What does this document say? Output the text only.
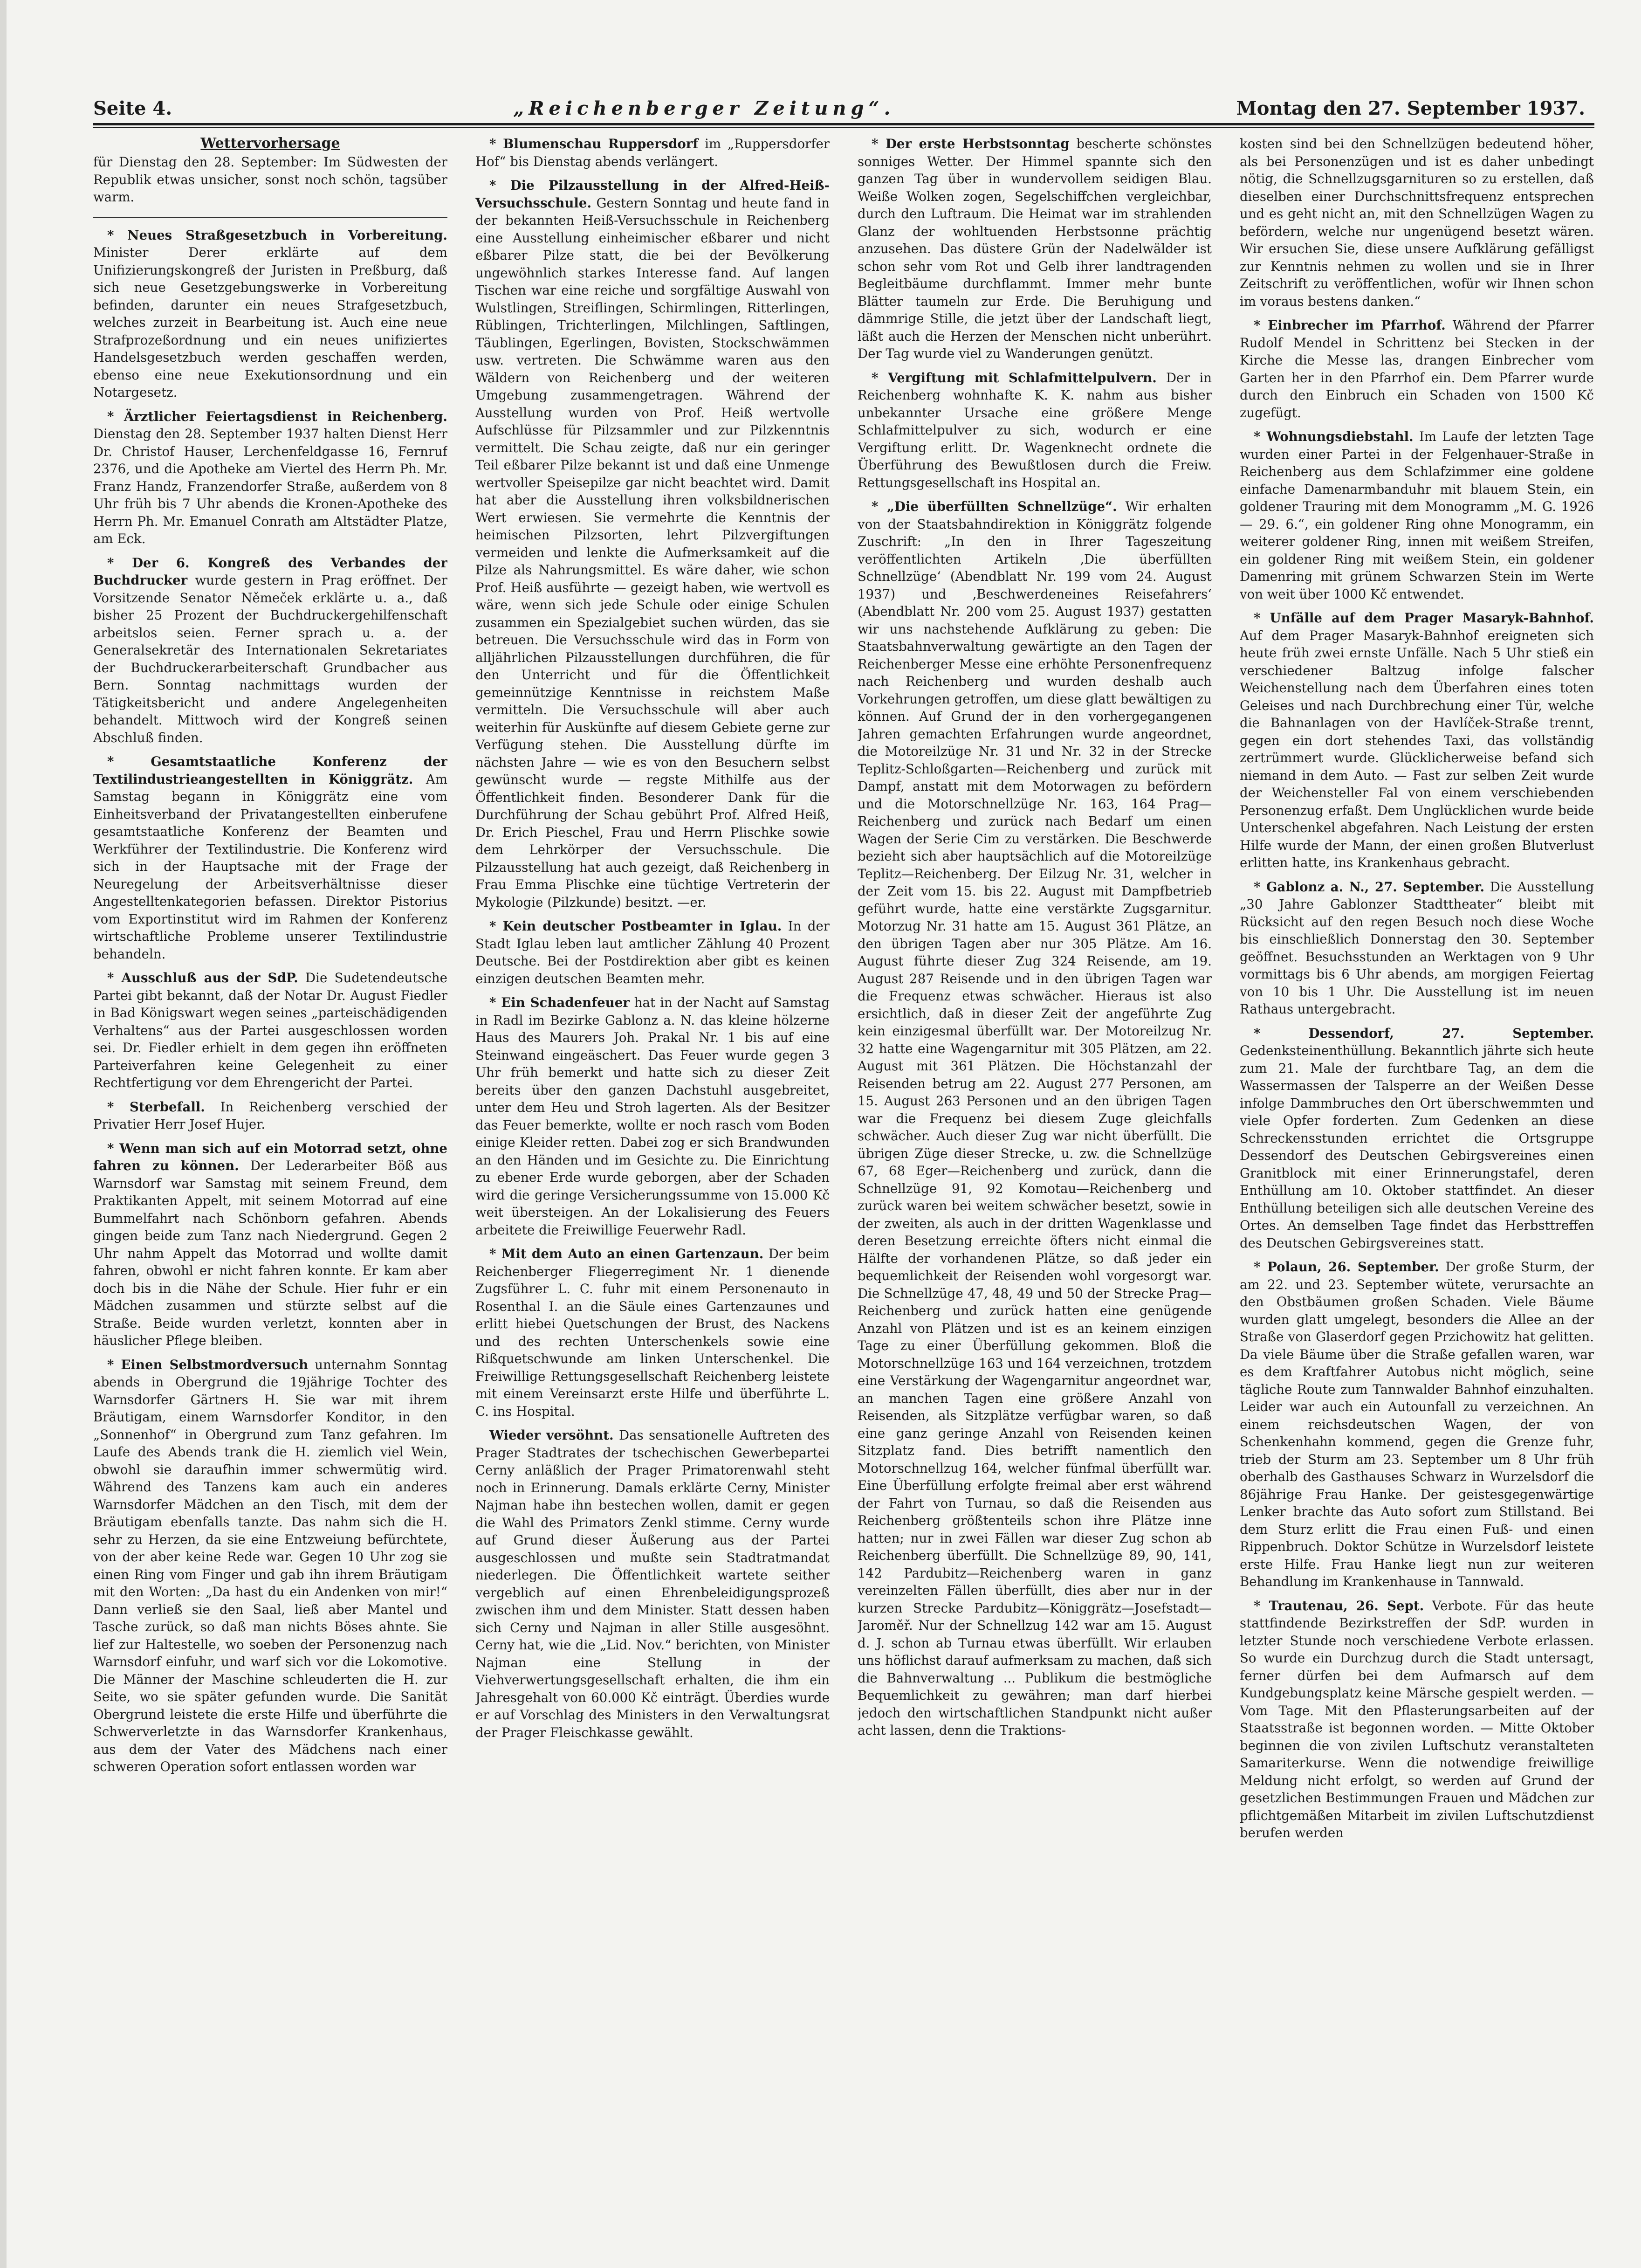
Seite 4.	„Reichenberger Zeitung“.	Montag den 27. September 1937.
Wettervorhersage
für Dienstag den 28. September: Im Südwesten der Republik etwas unsicher, sonst noch schön, tagsüber warm.

* Neues Straßgesetzbuch in Vorbereitung. Minister Derer erklärte auf dem Unifizierungskongreß der Juristen in Preßburg, daß sich neue Gesetzgebungswerke in Vorbereitung befinden, darunter ein neues Strafgesetzbuch, welches zurzeit in Bearbeitung ist. Auch eine neue Strafprozeßordnung und ein neues unifiziertes Handelsgesetzbuch werden geschaffen werden, ebenso eine neue Exekutionsordnung und ein Notargesetz.

* Ärztlicher Feiertagsdienst in Reichenberg. Dienstag den 28. September 1937 halten Dienst Herr Dr. Christof Hauser, Lerchenfeldgasse 16, Fernruf 2376, und die Apotheke am Viertel des Herrn Ph. Mr. Franz Handz, Franzendorfer Straße, außerdem von 8 Uhr früh bis 7 Uhr abends die Kronen-Apotheke des Herrn Ph. Mr. Emanuel Conrath am Altstädter Platze, am Eck.

* Der 6. Kongreß des Verbandes der Buchdrucker wurde gestern in Prag eröffnet. Der Vorsitzende Senator Němeček erklärte u. a., daß bisher 25 Prozent der Buchdruckergehilfenschaft arbeitslos seien. Ferner sprach u. a. der Generalsekretär des Internationalen Sekretariates der Buchdruckerarbeiterschaft Grundbacher aus Bern. Sonntag nachmittags wurden der Tätigkeitsbericht und andere Angelegenheiten behandelt. Mittwoch wird der Kongreß seinen Abschluß finden.

* Gesamtstaatliche Konferenz der Textilindustrieangestellten in Königgrätz. Am Samstag begann in Königgrätz eine vom Einheitsverband der Privatangestellten einberufene gesamtstaatliche Konferenz der Beamten und Werkführer der Textilindustrie. Die Konferenz wird sich in der Hauptsache mit der Frage der Neuregelung der Arbeitsverhältnisse dieser Angestelltenkategorien befassen. Direktor Pistorius vom Exportinstitut wird im Rahmen der Konferenz wirtschaftliche Probleme unserer Textilindustrie behandeln.

* Ausschluß aus der SdP. Die Sudetendeutsche Partei gibt bekannt, daß der Notar Dr. August Fiedler in Bad Königswart wegen seines „parteischädigenden Verhaltens“ aus der Partei ausgeschlossen worden sei. Dr. Fiedler erhielt in dem gegen ihn eröffneten Parteiverfahren keine Gelegenheit zu einer Rechtfertigung vor dem Ehrengericht der Partei.

* Sterbefall. In Reichenberg verschied der Privatier Herr Josef Hujer.

* Wenn man sich auf ein Motorrad setzt, ohne fahren zu können. Der Lederarbeiter Böß aus Warnsdorf war Samstag mit seinem Freund, dem Praktikanten Appelt, mit seinem Motorrad auf eine Bummelfahrt nach Schönborn gefahren. Abends gingen beide zum Tanz nach Niedergrund. Gegen 2 Uhr nahm Appelt das Motorrad und wollte damit fahren, obwohl er nicht fahren konnte. Er kam aber doch bis in die Nähe der Schule. Hier fuhr er ein Mädchen zusammen und stürzte selbst auf die Straße. Beide wurden verletzt, konnten aber in häuslicher Pflege bleiben.

* Einen Selbstmordversuch unternahm Sonntag abends in Obergrund die 19jährige Tochter des Warnsdorfer Gärtners H. Sie war mit ihrem Bräutigam, einem Warnsdorfer Konditor, in den „Sonnenhof“ in Obergrund zum Tanz gefahren. Im Laufe des Abends trank die H. ziemlich viel Wein, obwohl sie daraufhin immer schwermütig wird. Während des Tanzens kam auch ein anderes Warnsdorfer Mädchen an den Tisch, mit dem der Bräutigam ebenfalls tanzte. Das nahm sich die H. sehr zu Herzen, da sie eine Entzweiung befürchtete, von der aber keine Rede war. Gegen 10 Uhr zog sie einen Ring vom Finger und gab ihn ihrem Bräutigam mit den Worten: „Da hast du ein Andenken von mir!“ Dann verließ sie den Saal, ließ aber Mantel und Tasche zurück, so daß man nichts Böses ahnte. Sie lief zur Haltestelle, wo soeben der Personenzug nach Warnsdorf einfuhr, und warf sich vor die Lokomotive. Die Männer der Maschine schleuderten die H. zur Seite, wo sie später gefunden wurde. Die Sanität Obergrund leistete die erste Hilfe und überführte die Schwerverletzte in das Warnsdorfer Krankenhaus, aus dem der Vater des Mädchens nach einer schweren Operation sofort entlassen worden war

* Blumenschau Ruppersdorf im „Ruppersdorfer Hof“ bis Dienstag abends verlängert.

* Die Pilzausstellung in der Alfred-Heiß-Versuchsschule. Gestern Sonntag und heute fand in der bekannten Heiß-Versuchsschule in Reichenberg eine Ausstellung einheimischer eßbarer und nicht eßbarer Pilze statt, die bei der Bevölkerung ungewöhnlich starkes Interesse fand. Auf langen Tischen war eine reiche und sorgfältige Auswahl von Wulstlingen, Streiflingen, Schirmlingen, Ritterlingen, Rüblingen, Trichterlingen, Milchlingen, Saftlingen, Täublingen, Egerlingen, Bovisten, Stockschwämmen usw. vertreten. Die Schwämme waren aus den Wäldern von Reichenberg und der weiteren Umgebung zusammengetragen. Während der Ausstellung wurden von Prof. Heiß wertvolle Aufschlüsse für Pilzsammler und zur Pilzkenntnis vermittelt. Die Schau zeigte, daß nur ein geringer Teil eßbarer Pilze bekannt ist und daß eine Unmenge wertvoller Speisepilze gar nicht beachtet wird. Damit hat aber die Ausstellung ihren volksbildnerischen Wert erwiesen. Sie vermehrte die Kenntnis der heimischen Pilzsorten, lehrt Pilzvergiftungen vermeiden und lenkte die Aufmerksamkeit auf die Pilze als Nahrungsmittel. Es wäre daher, wie schon Prof. Heiß ausführte — gezeigt haben, wie wertvoll es wäre, wenn sich jede Schule oder einige Schulen zusammen ein Spezialgebiet suchen würden, das sie betreuen. Die Versuchsschule wird das in Form von alljährlichen Pilzausstellungen durchführen, die für den Unterricht und für die Öffentlichkeit gemeinnützige Kenntnisse in reichstem Maße vermitteln. Die Versuchsschule will aber auch weiterhin für Auskünfte auf diesem Gebiete gerne zur Verfügung stehen. Die Ausstellung dürfte im nächsten Jahre — wie es von den Besuchern selbst gewünscht wurde — regste Mithilfe aus der Öffentlichkeit finden. Besonderer Dank für die Durchführung der Schau gebührt Prof. Alfred Heiß, Dr. Erich Pieschel, Frau und Herrn Plischke sowie dem Lehrkörper der Versuchsschule. Die Pilzausstellung hat auch gezeigt, daß Reichenberg in Frau Emma Plischke eine tüchtige Vertreterin der Mykologie (Pilzkunde) besitzt. —er.

* Kein deutscher Postbeamter in Iglau. In der Stadt Iglau leben laut amtlicher Zählung 40 Prozent Deutsche. Bei der Postdirektion aber gibt es keinen einzigen deutschen Beamten mehr.

* Ein Schadenfeuer hat in der Nacht auf Samstag in Radl im Bezirke Gablonz a. N. das kleine hölzerne Haus des Maurers Joh. Prakal Nr. 1 bis auf eine Steinwand eingeäschert. Das Feuer wurde gegen 3 Uhr früh bemerkt und hatte sich zu dieser Zeit bereits über den ganzen Dachstuhl ausgebreitet, unter dem Heu und Stroh lagerten. Als der Besitzer das Feuer bemerkte, wollte er noch rasch vom Boden einige Kleider retten. Dabei zog er sich Brandwunden an den Händen und im Gesichte zu. Die Einrichtung zu ebener Erde wurde geborgen, aber der Schaden wird die geringe Versicherungssumme von 15.000 Kč weit übersteigen. An der Lokalisierung des Feuers arbeitete die Freiwillige Feuerwehr Radl.

* Mit dem Auto an einen Gartenzaun. Der beim Reichenberger Fliegerregiment Nr. 1 dienende Zugsführer L. C. fuhr mit einem Personenauto in Rosenthal I. an die Säule eines Gartenzaunes und erlitt hiebei Quetschungen der Brust, des Nackens und des rechten Unterschenkels sowie eine Rißquetschwunde am linken Unterschenkel. Die Freiwillige Rettungsgesellschaft Reichenberg leistete mit einem Vereinsarzt erste Hilfe und überführte L. C. ins Hospital.

Wieder versöhnt. Das sensationelle Auftreten des Prager Stadtrates der tschechischen Gewerbepartei Cerny anläßlich der Prager Primatorenwahl steht noch in Erinnerung. Damals erklärte Cerny, Minister Najman habe ihn bestechen wollen, damit er gegen die Wahl des Primators Zenkl stimme. Cerny wurde auf Grund dieser Äußerung aus der Partei ausgeschlossen und mußte sein Stadtratmandat niederlegen. Die Öffentlichkeit wartete seither vergeblich auf einen Ehrenbeleidigungsprozeß zwischen ihm und dem Minister. Statt dessen haben sich Cerny und Najman in aller Stille ausgesöhnt. Cerny hat, wie die „Lid. Nov.“ berichten, von Minister Najman eine Stellung in der Viehverwertungsgesellschaft erhalten, die ihm ein Jahresgehalt von 60.000 Kč einträgt. Überdies wurde er auf Vorschlag des Ministers in den Verwaltungsrat der Prager Fleischkasse gewählt.

* Der erste Herbstsonntag bescherte schönstes sonniges Wetter. Der Himmel spannte sich den ganzen Tag über in wundervollem seidigen Blau. Weiße Wolken zogen, Segelschiffchen vergleichbar, durch den Luftraum. Die Heimat war im strahlenden Glanz der wohltuenden Herbstsonne prächtig anzusehen. Das düstere Grün der Nadelwälder ist schon sehr vom Rot und Gelb ihrer landtragenden Begleitbäume durchflammt. Immer mehr bunte Blätter taumeln zur Erde. Die Beruhigung und dämmrige Stille, die jetzt über der Landschaft liegt, läßt auch die Herzen der Menschen nicht unberührt. Der Tag wurde viel zu Wanderungen genützt.

* Vergiftung mit Schlafmittelpulvern. Der in Reichenberg wohnhafte K. K. nahm aus bisher unbekannter Ursache eine größere Menge Schlafmittelpulver zu sich, wodurch er eine Vergiftung erlitt. Dr. Wagenknecht ordnete die Überführung des Bewußtlosen durch die Freiw. Rettungsgesellschaft ins Hospital an.

* „Die überfüllten Schnellzüge“. Wir erhalten von der Staatsbahndirektion in Königgrätz folgende Zuschrift: „In den in Ihrer Tageszeitung veröffentlichten Artikeln ‚Die überfüllten Schnellzüge‘ (Abendblatt Nr. 199 vom 24. August 1937) und ‚Beschwerdeneines Reisefahrers‘ (Abendblatt Nr. 200 vom 25. August 1937) gestatten wir uns nachstehende Aufklärung zu geben: Die Staatsbahnverwaltung gewärtigte an den Tagen der Reichenberger Messe eine erhöhte Personenfrequenz nach Reichenberg und wurden deshalb auch Vorkehrungen getroffen, um diese glatt bewältigen zu können. Auf Grund der in den vorhergegangenen Jahren gemachten Erfahrungen wurde angeordnet, die Motoreilzüge Nr. 31 und Nr. 32 in der Strecke Teplitz-Schloßgarten—Reichenberg und zurück mit Dampf, anstatt mit dem Motorwagen zu befördern und die Motorschnellzüge Nr. 163, 164 Prag—Reichenberg und zurück nach Bedarf um einen Wagen der Serie Cim zu verstärken. Die Beschwerde bezieht sich aber hauptsächlich auf die Motoreilzüge Teplitz—Reichenberg. Der Eilzug Nr. 31, welcher in der Zeit vom 15. bis 22. August mit Dampfbetrieb geführt wurde, hatte eine verstärkte Zugsgarnitur. Motorzug Nr. 31 hatte am 15. August 361 Plätze, an den übrigen Tagen aber nur 305 Plätze. Am 16. August führte dieser Zug 324 Reisende, am 19. August 287 Reisende und in den übrigen Tagen war die Frequenz etwas schwächer. Hieraus ist also ersichtlich, daß in dieser Zeit der angeführte Zug kein einzigesmal überfüllt war. Der Motoreilzug Nr. 32 hatte eine Wagengarnitur mit 305 Plätzen, am 22. August mit 361 Plätzen. Die Höchstanzahl der Reisenden betrug am 22. August 277 Personen, am 15. August 263 Personen und an den übrigen Tagen war die Frequenz bei diesem Zuge gleichfalls schwächer. Auch dieser Zug war nicht überfüllt. Die übrigen Züge dieser Strecke, u. zw. die Schnellzüge 67, 68 Eger—Reichenberg und zurück, dann die Schnellzüge 91, 92 Komotau—Reichenberg und zurück waren bei weitem schwächer besetzt, sowie in der zweiten, als auch in der dritten Wagenklasse und deren Besetzung erreichte öfters nicht einmal die Hälfte der vorhandenen Plätze, so daß jeder ein bequemlichkeit der Reisenden wohl vorgesorgt war. Die Schnellzüge 47, 48, 49 und 50 der Strecke Prag—Reichenberg und zurück hatten eine genügende Anzahl von Plätzen und ist es an keinem einzigen Tage zu einer Überfüllung gekommen. Bloß die Motorschnellzüge 163 und 164 verzeichnen, trotzdem eine Verstärkung der Wagengarnitur angeordnet war, an manchen Tagen eine größere Anzahl von Reisenden, als Sitzplätze verfügbar waren, so daß eine ganz geringe Anzahl von Reisenden keinen Sitzplatz fand. Dies betrifft namentlich den Motorschnellzug 164, welcher fünfmal überfüllt war. Eine Überfüllung erfolgte freimal aber erst während der Fahrt von Turnau, so daß die Reisenden aus Reichenberg größtenteils schon ihre Plätze inne hatten; nur in zwei Fällen war dieser Zug schon ab Reichenberg überfüllt. Die Schnellzüge 89, 90, 141, 142 Pardubitz—Reichenberg waren in ganz vereinzelten Fällen überfüllt, dies aber nur in der kurzen Strecke Pardubitz—Königgrätz—Josefstadt—Jaroměř. Nur der Schnellzug 142 war am 15. August d. J. schon ab Turnau etwas überfüllt. Wir erlauben uns höflichst darauf aufmerksam zu machen, daß sich die Bahnverwaltung ... Publikum die bestmögliche Bequemlichkeit zu gewähren; man darf hierbei jedoch den wirtschaftlichen Standpunkt nicht außer acht lassen, denn die Traktions-

kosten sind bei den Schnellzügen bedeutend höher, als bei Personenzügen und ist es daher unbedingt nötig, die Schnellzugsgarnituren so zu erstellen, daß dieselben einer Durchschnittsfrequenz entsprechen und es geht nicht an, mit den Schnellzügen Wagen zu befördern, welche nur ungenügend besetzt wären. Wir ersuchen Sie, diese unsere Aufklärung gefälligst zur Kenntnis nehmen zu wollen und sie in Ihrer Zeitschrift zu veröffentlichen, wofür wir Ihnen schon im voraus bestens danken.“

* Einbrecher im Pfarrhof. Während der Pfarrer Rudolf Mendel in Schrittenz bei Stecken in der Kirche die Messe las, drangen Einbrecher vom Garten her in den Pfarrhof ein. Dem Pfarrer wurde durch den Einbruch ein Schaden von 1500 Kč zugefügt.

* Wohnungsdiebstahl. Im Laufe der letzten Tage wurden einer Partei in der Felgenhauer-Straße in Reichenberg aus dem Schlafzimmer eine goldene einfache Damenarmbanduhr mit blauem Stein, ein goldener Trauring mit dem Monogramm „M. G. 1926 — 29. 6.“, ein goldener Ring ohne Monogramm, ein weiterer goldener Ring, innen mit weißem Streifen, ein goldener Ring mit weißem Stein, ein goldener Damenring mit grünem Schwarzen Stein im Werte von weit über 1000 Kč entwendet.

* Unfälle auf dem Prager Masaryk-Bahnhof. Auf dem Prager Masaryk-Bahnhof ereigneten sich heute früh zwei ernste Unfälle. Nach 5 Uhr stieß ein verschiedener Baltzug infolge falscher Weichenstellung nach dem Überfahren eines toten Geleises und nach Durchbrechung einer Tür, welche die Bahnanlagen von der Havlíček-Straße trennt, gegen ein dort stehendes Taxi, das vollständig zertrümmert wurde. Glücklicherweise befand sich niemand in dem Auto. — Fast zur selben Zeit wurde der Weichensteller Fal von einem verschiebenden Personenzug erfaßt. Dem Unglücklichen wurde beide Unterschenkel abgefahren. Nach Leistung der ersten Hilfe wurde der Mann, der einen großen Blutverlust erlitten hatte, ins Krankenhaus gebracht.

* Gablonz a. N., 27. September. Die Ausstellung „30 Jahre Gablonzer Stadttheater“ bleibt mit Rücksicht auf den regen Besuch noch diese Woche bis einschließlich Donnerstag den 30. September geöffnet. Besuchsstunden an Werktagen von 9 Uhr vormittags bis 6 Uhr abends, am morgigen Feiertag von 10 bis 1 Uhr. Die Ausstellung ist im neuen Rathaus untergebracht.

* Dessendorf, 27. September. Gedenksteinenthüllung. Bekanntlich jährte sich heute zum 21. Male der furchtbare Tag, an dem die Wassermassen der Talsperre an der Weißen Desse infolge Dammbruches den Ort überschwemmten und viele Opfer forderten. Zum Gedenken an diese Schreckensstunden errichtet die Ortsgruppe Dessendorf des Deutschen Gebirgsvereines einen Granitblock mit einer Erinnerungstafel, deren Enthüllung am 10. Oktober stattfindet. An dieser Enthüllung beteiligen sich alle deutschen Vereine des Ortes. An demselben Tage findet das Herbsttreffen des Deutschen Gebirgsvereines statt.

* Polaun, 26. September. Der große Sturm, der am 22. und 23. September wütete, verursachte an den Obstbäumen großen Schaden. Viele Bäume wurden glatt umgelegt, besonders die Allee an der Straße von Glaserdorf gegen Przichowitz hat gelitten. Da viele Bäume über die Straße gefallen waren, war es dem Kraftfahrer Autobus nicht möglich, seine tägliche Route zum Tannwalder Bahnhof einzuhalten. Leider war auch ein Autounfall zu verzeichnen. An einem reichsdeutschen Wagen, der von Schenkenhahn kommend, gegen die Grenze fuhr, trieb der Sturm am 23. September um 8 Uhr früh oberhalb des Gasthauses Schwarz in Wurzelsdorf die 86jährige Frau Hanke. Der geistesgegenwärtige Lenker brachte das Auto sofort zum Stillstand. Bei dem Sturz erlitt die Frau einen Fuß- und einen Rippenbruch. Doktor Schütze in Wurzelsdorf leistete erste Hilfe. Frau Hanke liegt nun zur weiteren Behandlung im Krankenhause in Tannwald.

* Trautenau, 26. Sept. Verbote. Für das heute stattfindende Bezirkstreffen der SdP. wurden in letzter Stunde noch verschiedene Verbote erlassen. So wurde ein Durchzug durch die Stadt untersagt, ferner dürfen bei dem Aufmarsch auf dem Kundgebungsplatz keine Märsche gespielt werden. — Vom Tage. Mit den Pflasterungsarbeiten auf der Staatsstraße ist begonnen worden. — Mitte Oktober beginnen die von zivilen Luftschutz veranstalteten Samariterkurse. Wenn die notwendige freiwillige Meldung nicht erfolgt, so werden auf Grund der gesetzlichen Bestimmungen Frauen und Mädchen zur pflichtgemäßen Mitarbeit im zivilen Luftschutzdienst berufen werden
